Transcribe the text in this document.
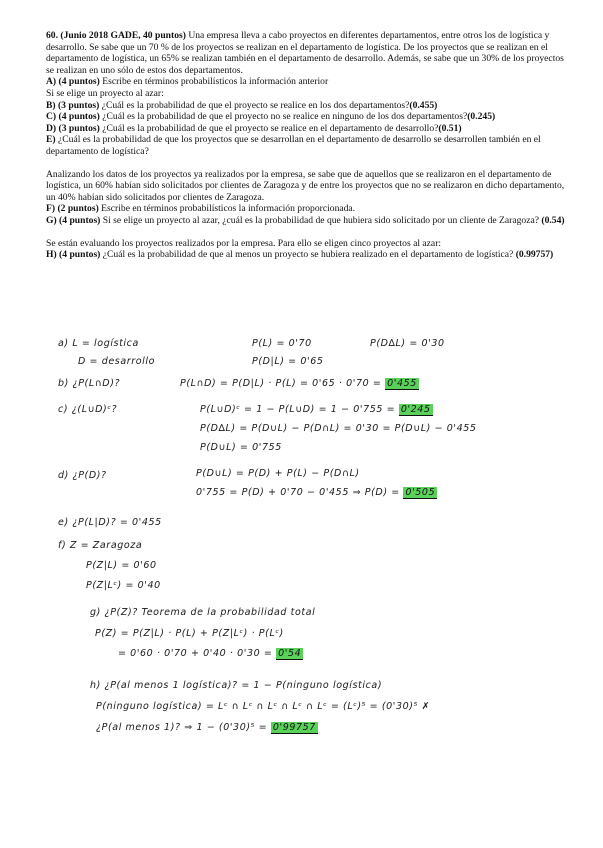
60. (Junio 2018 GADE, 40 puntos) Una empresa lleva a cabo proyectos en diferentes departamentos, entre otros los de logística y desarrollo. Se sabe que un 70 % de los proyectos se realizan en el departamento de logística. De los proyectos que se realizan en el departamento de logística, un 65% se realizan también en el departamento de desarrollo. Además, se sabe que un 30% de los proyectos se realizan en uno sólo de estos dos departamentos.

A) (4 puntos) Escribe en términos probabilísticos la información anterior

Si se elige un proyecto al azar:

B) (3 puntos) ¿Cuál es la probabilidad de que el proyecto se realice en los dos departamentos?(0.455)

C) (4 puntos) ¿Cuál es la probabilidad de que el proyecto no se realice en ninguno de los dos departamentos?(0.245)

D) (3 puntos) ¿Cuál es la probabilidad de que el proyecto se realice en el departamento de desarrollo?(0.51)

E) ¿Cuál es la probabilidad de que los proyectos que se desarrollan en el departamento de desarrollo se desarrollen también en el departamento de logística?

Analizando los datos de los proyectos ya realizados por la empresa, se sabe que de aquellos que se realizaron en el departamento de logística, un 60% habían sido solicitados por clientes de Zaragoza y de entre los proyectos que no se realizaron en dicho departamento, un 40% habían sido solicitados por clientes de Zaragoza.

F) (2 puntos) Escribe en términos probabilísticos la información proporcionada.

G) (4 puntos) Si se elige un proyecto al azar, ¿cuál es la probabilidad de que hubiera sido solicitado por un cliente de Zaragoza? (0.54)

Se están evaluando los proyectos realizados por la empresa. Para ello se eligen cinco proyectos al azar:

H) (4 puntos) ¿Cuál es la probabilidad de que al menos un proyecto se hubiera realizado en el departamento de logística? (0.99757)

a) L = logística	P(L) = 0'70	P(D∆L) = 0'30
D = desarrollo	P(D|L) = 0'65
b) ¿P(L∩D)?	P(L∩D) = P(D|L) · P(L) = 0'65 · 0'70 = 0'455
c) ¿(L∪D)ᶜ?	P(L∪D)ᶜ = 1 − P(L∪D) = 1 − 0'755 = 0'245
P(D∆L) = P(D∪L) − P(D∩L) = 0'30 = P(D∪L) − 0'455
P(D∪L) = 0'755
d) ¿P(D)?	P(D∪L) = P(D) + P(L) − P(D∩L)
0'755 = P(D) + 0'70 − 0'455 ⇒ P(D) = 0'505
e) ¿P(L|D)? = 0'455
f) Z = Zaragoza
P(Z|L) = 0'60
P(Z|Lᶜ) = 0'40
g) ¿P(Z)? Teorema de la probabilidad total
P(Z) = P(Z|L) · P(L) + P(Z|Lᶜ) · P(Lᶜ)
= 0'60 · 0'70 + 0'40 · 0'30 = 0'54
h) ¿P(al menos 1 logística)? = 1 − P(ninguno logística)
P(ninguno logística) = Lᶜ ∩ Lᶜ ∩ Lᶜ ∩ Lᶜ ∩ Lᶜ = (Lᶜ)⁵ = (0'30)⁵ ✗
¿P(al menos 1)? ⇒ 1 − (0'30)⁵ = 0'99757
